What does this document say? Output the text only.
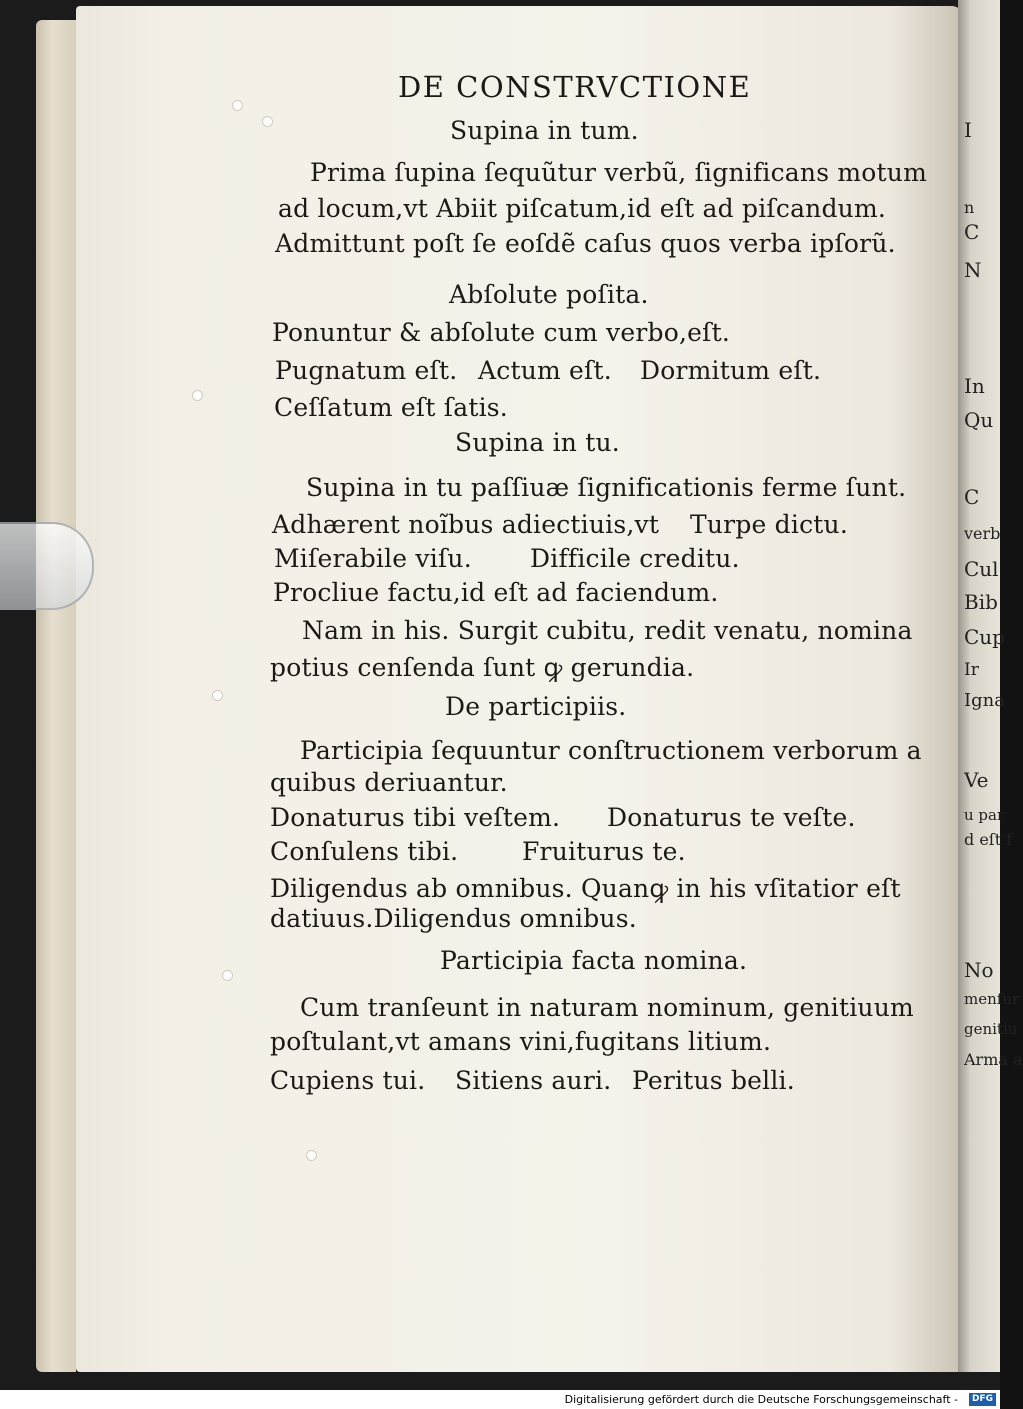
I
n
C
N
In
Qu
C
verb
Cul
Bib
Cup
Ir
Igna
Ve
u par
d eſt f
No
menſur
genitiu
Arma a
DE CONSTRVCTIONE
Supina in tum.
Prima ſupina ſequũtur verbũ, ſignificans motum
ad locum,vt Abiit piſcatum,id eſt ad piſcandum.
Admittunt poſt ſe eoſdẽ caſus quos verba ipſorũ.
Abſolute poſita.
Ponuntur & abſolute cum verbo,eſt.
Pugnatum eſt. Actum eſt. Dormitum eſt.
Ceſſatum eſt ſatis.
Supina in tu.
Supina in tu paſſiuæ ſignificationis ferme ſunt.
Adhærent noĩbus adiectiuis,vt Turpe dictu.
Miſerabile viſu. Difficile creditu.
Procliue factu,id eſt ad faciendum.
Nam in his. Surgit cubitu, redit venatu, nomina
potius cenſenda ſunt ꝙ gerundia.
De participiis.
Participia ſequuntur conſtructionem verborum a
quibus deriuantur.
Donaturus tibi veſtem. Donaturus te veſte.
Conſulens tibi.	Fruiturus te.
Diligendus ab omnibus. Quanꝙ in his vſitatior eſt
datiuus.Diligendus omnibus.
Participia facta nomina.
Cum tranſeunt in naturam nominum, genitiuum
poſtulant,vt amans vini,fugitans litium.
Cupiens tui. Sitiens auri. Peritus belli.
Digitalisierung gefördert durch die Deutsche Forschungsgemeinschaft -	DFG
